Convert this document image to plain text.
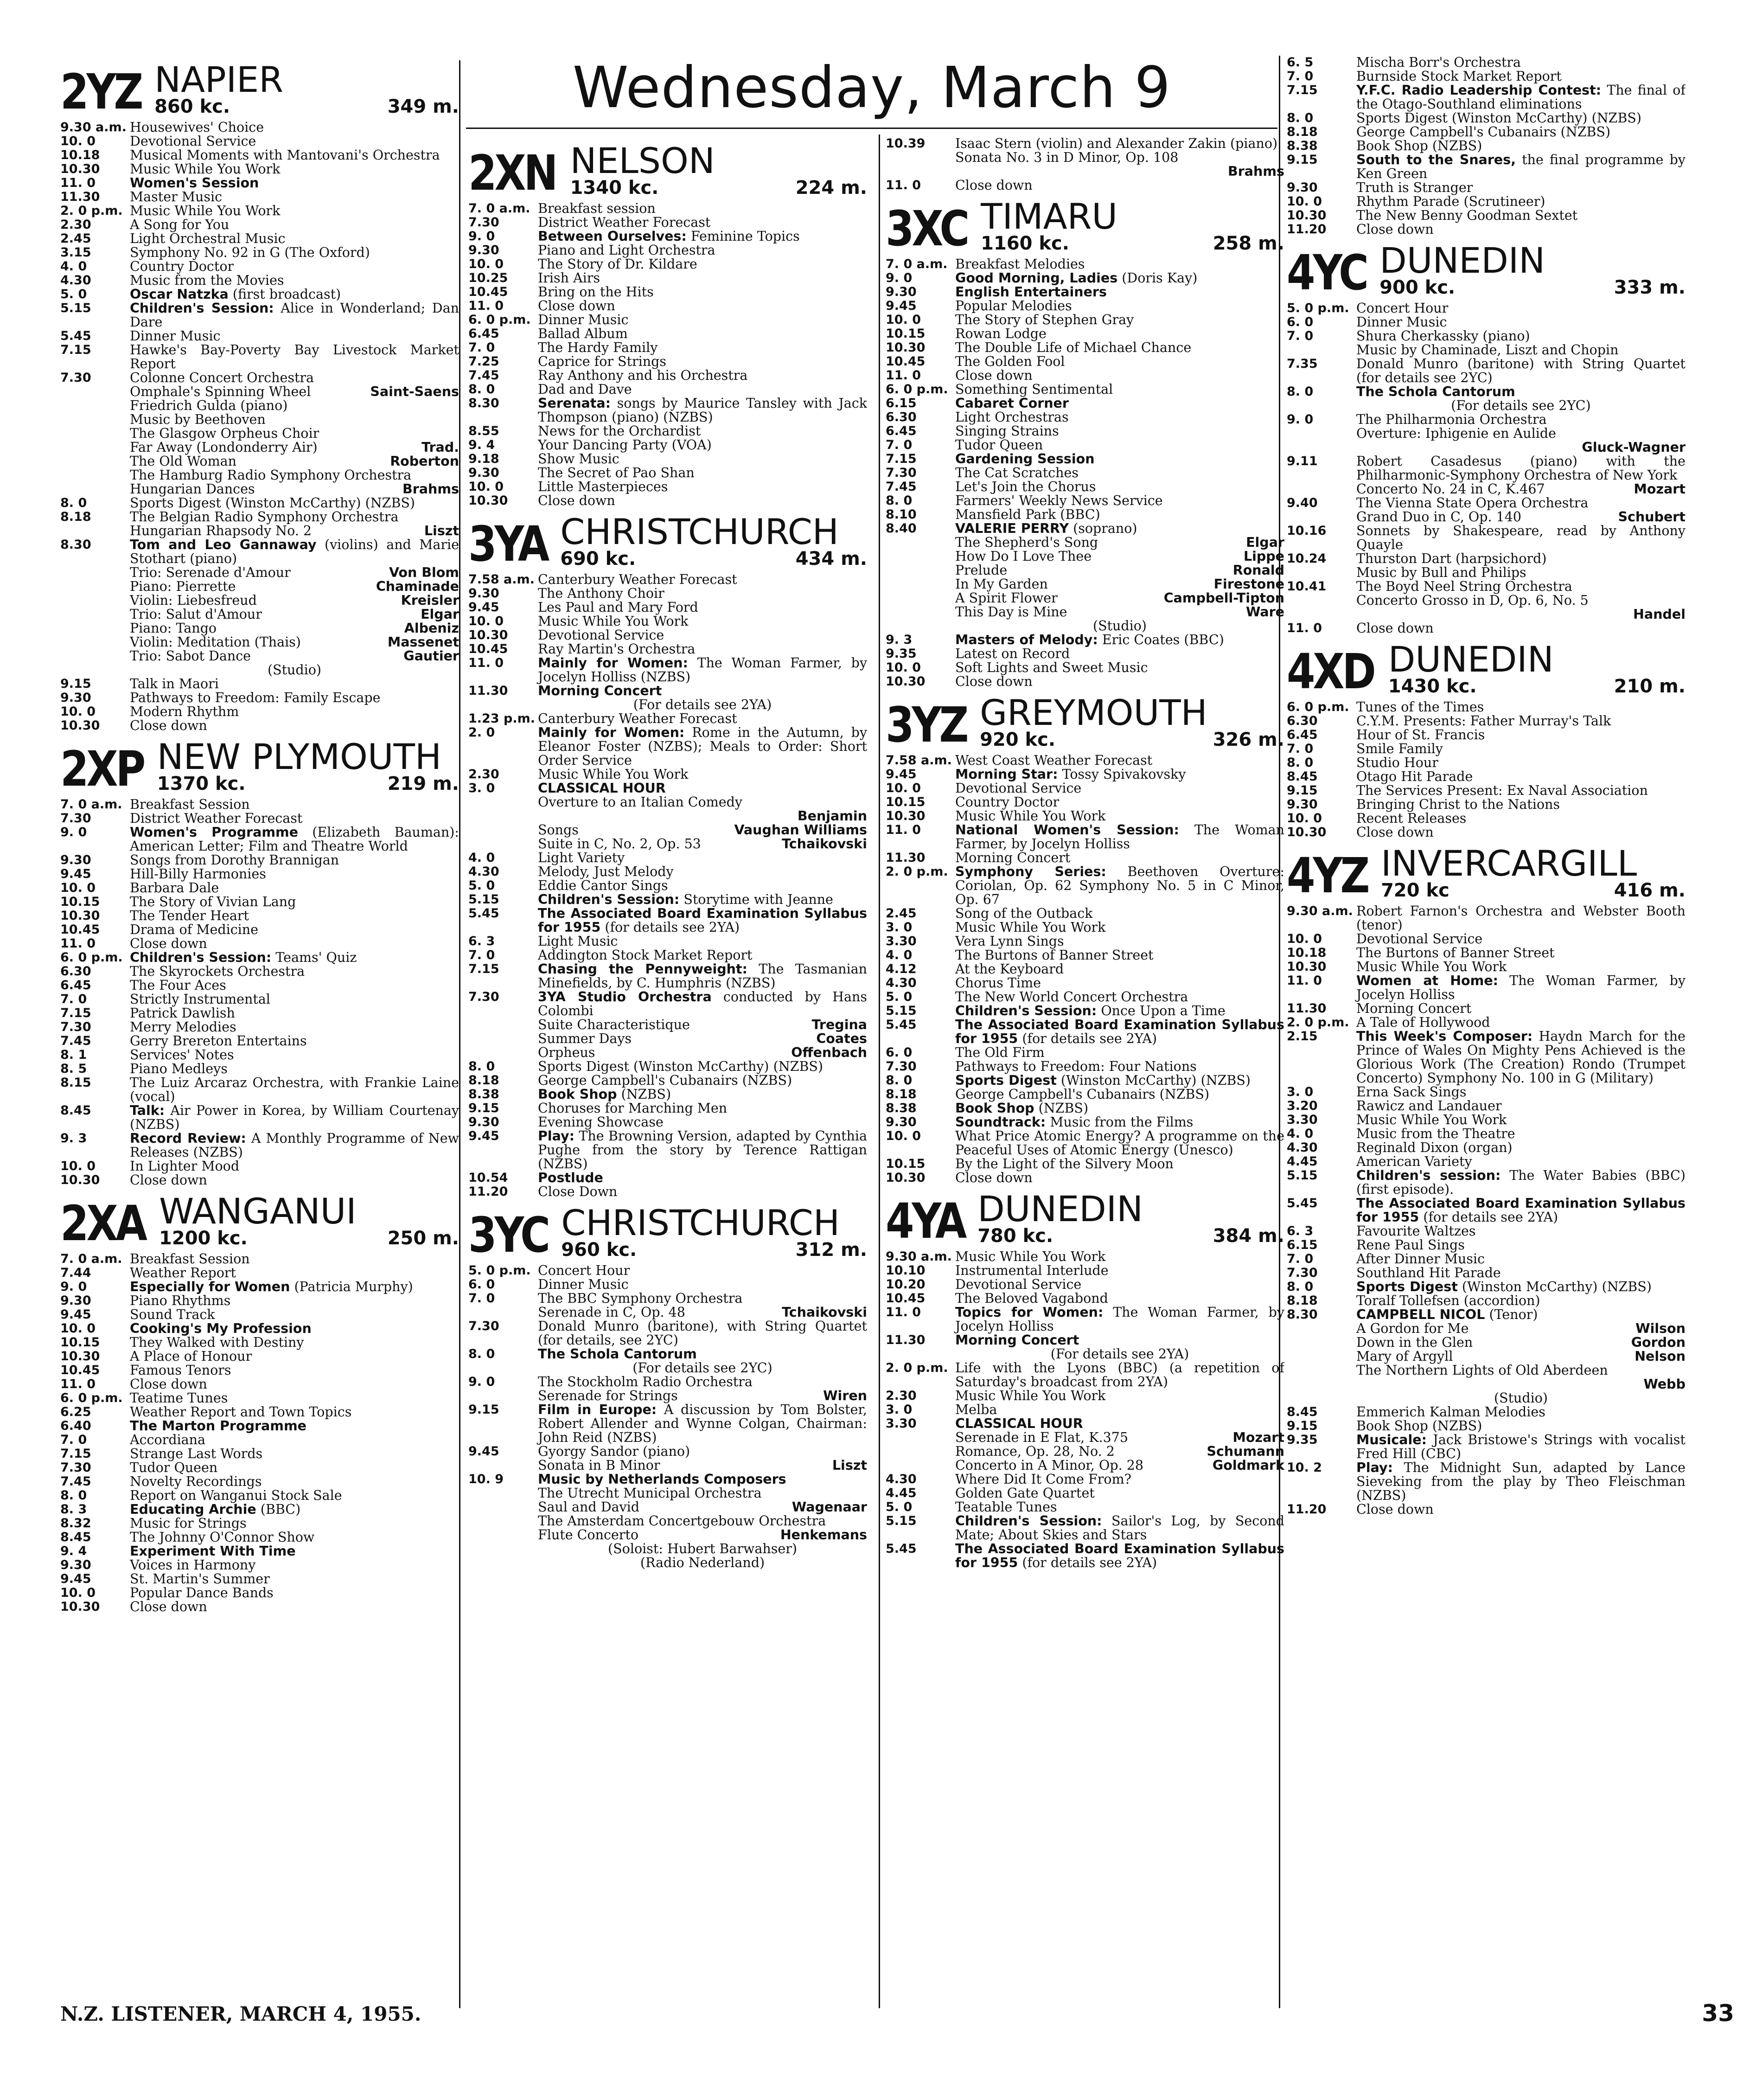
Wednesday, March 9
2YZ NAPIER
860 kc.	349 m.
9.30 a.m. Housewives' Choice
10. 0	Devotional Service
10.18	Musical Moments with Mantovani's Orchestra
10.30	Music While You Work
11. 0	Women's Session
11.30	Master Music
2. 0 p.m. Music While You Work
2.30	A Song for You
2.45	Light Orchestral Music
3.15	Symphony No. 92 in G (The Oxford)
4. 0	Country Doctor
4.30	Music from the Movies
5. 0	Oscar Natzka (first broadcast)
5.15	Children's Session: Alice in Wonderland; Dan Dare
5.45	Dinner Music
7.15	Hawke's Bay-Poverty Bay Livestock Market Report
7.30	Colonne Concert Orchestra
Omphale's Spinning Wheel	Saint-Saens
Friedrich Gulda (piano)
Music by Beethoven
The Glasgow Orpheus Choir
Far Away (Londonderry Air)	Trad.
The Old Woman	Roberton
The Hamburg Radio Symphony Orchestra
Hungarian Dances	Brahms
8. 0	Sports Digest (Winston McCarthy) (NZBS)
8.18	The Belgian Radio Symphony Orchestra
Hungarian Rhapsody No. 2	Liszt
8.30	Tom and Leo Gannaway (violins) and Marie Stothart (piano)
Trio: Serenade d'Amour	Von Blom
Piano: Pierrette	Chaminade
Violin: Liebesfreud	Kreisler
Trio: Salut d'Amour	Elgar
Piano: Tango	Albeniz
Violin: Meditation (Thais)	Massenet
Trio: Sabot Dance	Gautier
(Studio)
9.15	Talk in Maori
9.30	Pathways to Freedom: Family Escape
10. 0	Modern Rhythm
10.30	Close down
2XP NEW PLYMOUTH
1370 kc.	219 m.
7. 0 a.m. Breakfast Session
7.30	District Weather Forecast
9. 0	Women's Programme (Elizabeth Bauman): American Letter; Film and Theatre World
9.30	Songs from Dorothy Brannigan
9.45	Hill-Billy Harmonies
10. 0	Barbara Dale
10.15	The Story of Vivian Lang
10.30	The Tender Heart
10.45	Drama of Medicine
11. 0	Close down
6. 0 p.m. Children's Session: Teams' Quiz
6.30	The Skyrockets Orchestra
6.45	The Four Aces
7. 0	Strictly Instrumental
7.15	Patrick Dawlish
7.30	Merry Melodies
7.45	Gerry Brereton Entertains
8. 1	Services' Notes
8. 5	Piano Medleys
8.15	The Luiz Arcaraz Orchestra, with Frankie Laine (vocal)
8.45	Talk: Air Power in Korea, by William Courtenay (NZBS)
9. 3	Record Review: A Monthly Programme of New Releases (NZBS)
10. 0	In Lighter Mood
10.30	Close down
2XA WANGANUI
1200 kc.	250 m.
7. 0 a.m. Breakfast Session
7.44	Weather Report
9. 0	Especially for Women (Patricia Murphy)
9.30	Piano Rhythms
9.45	Sound Track
10. 0	Cooking's My Profession
10.15	They Walked with Destiny
10.30	A Place of Honour
10.45	Famous Tenors
11. 0	Close down
6. 0 p.m. Teatime Tunes
6.25	Weather Report and Town Topics
6.40	The Marton Programme
7. 0	Accordiana
7.15	Strange Last Words
7.30	Tudor Queen
7.45	Novelty Recordings
8. 0	Report on Wanganui Stock Sale
8. 3	Educating Archie (BBC)
8.32	Music for Strings
8.45	The Johnny O'Connor Show
9. 4	Experiment With Time
9.30	Voices in Harmony
9.45	St. Martin's Summer
10. 0	Popular Dance Bands
10.30	Close down
2XN NELSON
1340 kc.	224 m.
7. 0 a.m. Breakfast session
7.30	District Weather Forecast
9. 0	Between Ourselves: Feminine Topics
9.30	Piano and Light Orchestra
10. 0	The Story of Dr. Kildare
10.25	Irish Airs
10.45	Bring on the Hits
11. 0	Close down
6. 0 p.m. Dinner Music
6.45	Ballad Album
7. 0	The Hardy Family
7.25	Caprice for Strings
7.45	Ray Anthony and his Orchestra
8. 0	Dad and Dave
8.30	Serenata: songs by Maurice Tansley with Jack Thompson (piano) (NZBS)
8.55	News for the Orchardist
9. 4	Your Dancing Party (VOA)
9.18	Show Music
9.30	The Secret of Pao Shan
10. 0	Little Masterpieces
10.30	Close down
3YA CHRISTCHURCH
690 kc.	434 m.
7.58 a.m. Canterbury Weather Forecast
9.30	The Anthony Choir
9.45	Les Paul and Mary Ford
10. 0	Music While You Work
10.30	Devotional Service
10.45	Ray Martin's Orchestra
11. 0	Mainly for Women: The Woman Farmer, by Jocelyn Holliss (NZBS)
11.30	Morning Concert
(For details see 2YA)
1.23 p.m. Canterbury Weather Forecast
2. 0	Mainly for Women: Rome in the Autumn, by Eleanor Foster (NZBS); Meals to Order: Short Order Service
2.30	Music While You Work
3. 0	CLASSICAL HOUR
Overture to an Italian Comedy
Benjamin
Songs	Vaughan Williams
Suite in C, No. 2, Op. 53	Tchaikovski
4. 0	Light Variety
4.30	Melody, Just Melody
5. 0	Eddie Cantor Sings
5.15	Children's Session: Storytime with Jeanne
5.45	The Associated Board Examination Syllabus for 1955 (for details see 2YA)
6. 3	Light Music
7. 0	Addington Stock Market Report
7.15	Chasing the Pennyweight: The Tasmanian Minefields, by C. Humphris (NZBS)
7.30	3YA Studio Orchestra conducted by Hans Colombi
Suite Characteristique	Tregina
Summer Days	Coates
Orpheus	Offenbach
8. 0	Sports Digest (Winston McCarthy) (NZBS)
8.18	George Campbell's Cubanairs (NZBS)
8.38	Book Shop (NZBS)
9.15	Choruses for Marching Men
9.30	Evening Showcase
9.45	Play: The Browning Version, adapted by Cynthia Pughe from the story by Terence Rattigan (NZBS)
10.54	Postlude
11.20	Close Down
3YC CHRISTCHURCH
960 kc.	312 m.
5. 0 p.m. Concert Hour
6. 0	Dinner Music
7. 0	The BBC Symphony Orchestra
Serenade in C, Op. 48	Tchaikovski
7.30	Donald Munro (baritone), with String Quartet (for details, see 2YC)
8. 0	The Schola Cantorum
(For details see 2YC)
9. 0	The Stockholm Radio Orchestra
Serenade for Strings	Wiren
9.15	Film in Europe: A discussion by Tom Bolster, Robert Allender and Wynne Colgan, Chairman: John Reid (NZBS)
9.45	Gyorgy Sandor (piano)
Sonata in B Minor	Liszt
10. 9	Music by Netherlands Composers
The Utrecht Municipal Orchestra
Saul and David	Wagenaar
The Amsterdam Concertgebouw Orchestra
Flute Concerto	Henkemans
(Soloist: Hubert Barwahser)
(Radio Nederland)
10.39	Isaac Stern (violin) and Alexander Zakin (piano)
Sonata No. 3 in D Minor, Op. 108
Brahms
11. 0	Close down
3XC TIMARU
1160 kc.	258 m.
7. 0 a.m. Breakfast Melodies
9. 0	Good Morning, Ladies (Doris Kay)
9.30	English Entertainers
9.45	Popular Melodies
10. 0	The Story of Stephen Gray
10.15	Rowan Lodge
10.30	The Double Life of Michael Chance
10.45	The Golden Fool
11. 0	Close down
6. 0 p.m. Something Sentimental
6.15	Cabaret Corner
6.30	Light Orchestras
6.45	Singing Strains
7. 0	Tudor Queen
7.15	Gardening Session
7.30	The Cat Scratches
7.45	Let's Join the Chorus
8. 0	Farmers' Weekly News Service
8.10	Mansfield Park (BBC)
8.40	VALERIE PERRY (soprano)
The Shepherd's Song	Elgar
How Do I Love Thee	Lippe
Prelude	Ronald
In My Garden	Firestone
A Spirit Flower	Campbell-Tipton
This Day is Mine	Ware
(Studio)
9. 3	Masters of Melody: Eric Coates (BBC)
9.35	Latest on Record
10. 0	Soft Lights and Sweet Music
10.30	Close down
3YZ GREYMOUTH
920 kc.	326 m.
7.58 a.m. West Coast Weather Forecast
9.45	Morning Star: Tossy Spivakovsky
10. 0	Devotional Service
10.15	Country Doctor
10.30	Music While You Work
11. 0	National Women's Session: The Woman Farmer, by Jocelyn Holliss
11.30	Morning Concert
2. 0 p.m. Symphony Series: Beethoven Overture: Coriolan, Op. 62 Symphony No. 5 in C Minor, Op. 67
2.45	Song of the Outback
3. 0	Music While You Work
3.30	Vera Lynn Sings
4. 0	The Burtons of Banner Street
4.12	At the Keyboard
4.30	Chorus Time
5. 0	The New World Concert Orchestra
5.15	Children's Session: Once Upon a Time
5.45	The Associated Board Examination Syllabus for 1955 (for details see 2YA)
6. 0	The Old Firm
7.30	Pathways to Freedom: Four Nations
8. 0	Sports Digest (Winston McCarthy) (NZBS)
8.18	George Campbell's Cubanairs (NZBS)
8.38	Book Shop (NZBS)
9.30	Soundtrack: Music from the Films
10. 0	What Price Atomic Energy? A programme on the Peaceful Uses of Atomic Energy (Unesco)
10.15	By the Light of the Silvery Moon
10.30	Close down
4YA DUNEDIN
780 kc.	384 m.
9.30 a.m. Music While You Work
10.10	Instrumental Interlude
10.20	Devotional Service
10.45	The Beloved Vagabond
11. 0	Topics for Women: The Woman Farmer, by Jocelyn Holliss
11.30	Morning Concert
(For details see 2YA)
2. 0 p.m. Life with the Lyons (BBC) (a repetition of Saturday's broadcast from 2YA)
2.30	Music While You Work
3. 0	Melba
3.30	CLASSICAL HOUR
Serenade in E Flat, K.375	Mozart
Romance, Op. 28, No. 2	Schumann
Concerto in A Minor, Op. 28	Goldmark
4.30	Where Did It Come From?
4.45	Golden Gate Quartet
5. 0	Teatable Tunes
5.15	Children's Session: Sailor's Log, by Second Mate; About Skies and Stars
5.45	The Associated Board Examination Syllabus for 1955 (for details see 2YA)
6. 5	Mischa Borr's Orchestra
7. 0	Burnside Stock Market Report
7.15	Y.F.C. Radio Leadership Contest: The final of the Otago-Southland eliminations
8. 0	Sports Digest (Winston McCarthy) (NZBS)
8.18	George Campbell's Cubanairs (NZBS)
8.38	Book Shop (NZBS)
9.15	South to the Snares, the final programme by Ken Green
9.30	Truth is Stranger
10. 0	Rhythm Parade (Scrutineer)
10.30	The New Benny Goodman Sextet
11.20	Close down
4YC DUNEDIN
900 kc.	333 m.
5. 0 p.m. Concert Hour
6. 0	Dinner Music
7. 0	Shura Cherkassky (piano)
Music by Chaminade, Liszt and Chopin
7.35	Donald Munro (baritone) with String Quartet (for details see 2YC)
8. 0	The Schola Cantorum
(For details see 2YC)
9. 0	The Philharmonia Orchestra
Overture: Iphigenie en Aulide
Gluck-Wagner
9.11	Robert Casadesus (piano) with the Philharmonic-Symphony Orchestra of New York
Concerto No. 24 in C, K.467	Mozart
9.40	The Vienna State Opera Orchestra
Grand Duo in C, Op. 140	Schubert
10.16	Sonnets by Shakespeare, read by Anthony Quayle
10.24	Thurston Dart (harpsichord)
Music by Bull and Philips
10.41	The Boyd Neel String Orchestra
Concerto Grosso in D, Op. 6, No. 5
Handel
11. 0	Close down
4XD DUNEDIN
1430 kc.	210 m.
6. 0 p.m. Tunes of the Times
6.30	C.Y.M. Presents: Father Murray's Talk
6.45	Hour of St. Francis
7. 0	Smile Family
8. 0	Studio Hour
8.45	Otago Hit Parade
9.15	The Services Present: Ex Naval Association
9.30	Bringing Christ to the Nations
10. 0	Recent Releases
10.30	Close down
4YZ INVERCARGILL
720 kc	416 m.
9.30 a.m. Robert Farnon's Orchestra and Webster Booth (tenor)
10. 0	Devotional Service
10.18	The Burtons of Banner Street
10.30	Music While You Work
11. 0	Women at Home: The Woman Farmer, by Jocelyn Holliss
11.30	Morning Concert
2. 0 p.m. A Tale of Hollywood
2.15	This Week's Composer: Haydn March for the Prince of Wales On Mighty Pens Achieved is the Glorious Work (The Creation) Rondo (Trumpet Concerto) Symphony No. 100 in G (Military)
3. 0	Erna Sack Sings
3.20	Rawicz and Landauer
3.30	Music While You Work
4. 0	Music from the Theatre
4.30	Reginald Dixon (organ)
4.45	American Variety
5.15	Children's session: The Water Babies (BBC) (first episode).
5.45	The Associated Board Examination Syllabus for 1955 (for details see 2YA)
6. 3	Favourite Waltzes
6.15	Rene Paul Sings
7. 0	After Dinner Music
7.30	Southland Hit Parade
8. 0	Sports Digest (Winston McCarthy) (NZBS)
8.18	Toralf Tollefsen (accordion)
8.30	CAMPBELL NICOL (Tenor)
A Gordon for Me	Wilson
Down in the Glen	Gordon
Mary of Argyll	Nelson
The Northern Lights of Old Aberdeen
Webb
(Studio)
8.45	Emmerich Kalman Melodies
9.15	Book Shop (NZBS)
9.35	Musicale: Jack Bristowe's Strings with vocalist Fred Hill (CBC)
10. 2	Play: The Midnight Sun, adapted by Lance Sieveking from the play by Theo Fleischman (NZBS)
11.20	Close down
N.Z. LISTENER, MARCH 4, 1955.	33
